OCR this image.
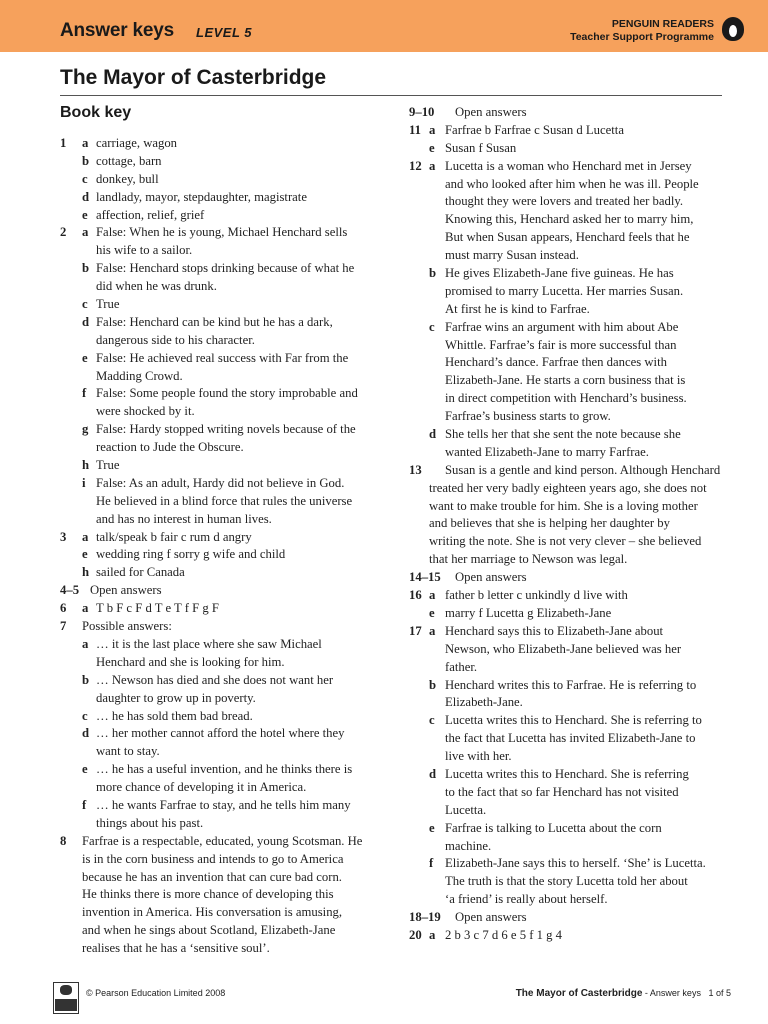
Answer keys LEVEL 5
PENGUIN READERS
Teacher Support Programme
The Mayor of Casterbridge
Book key
1 a carriage, wagon
b cottage, barn
c donkey, bull
d landlady, mayor, stepdaughter, magistrate
e affection, relief, grief
2 a False: When he is young, Michael Henchard sells
his wife to a sailor.
b False: Henchard stops drinking because of what he
did when he was drunk.
c True
d False: Henchard can be kind but he has a dark,
dangerous side to his character.
e False: He achieved real success with Far from the
Madding Crowd.
f False: Some people found the story improbable and
were shocked by it.
g False: Hardy stopped writing novels because of the
reaction to Jude the Obscure.
h True
i False: As an adult, Hardy did not believe in God.
He believed in a blind force that rules the universe
and has no interest in human lives.
3 a talk/speak b fair c rum d angry
e wedding ring f sorry g wife and child
h sailed for Canada
4–5 Open answers
6 a T b F c F d T e T f F g F
7 Possible answers:
a … it is the last place where she saw Michael
Henchard and she is looking for him.
b … Newson has died and she does not want her
daughter to grow up in poverty.
c … he has sold them bad bread.
d … her mother cannot afford the hotel where they
want to stay.
e … he has a useful invention, and he thinks there is
more chance of developing it in America.
f … he wants Farfrae to stay, and he tells him many
things about his past.
8 Farfrae is a respectable, educated, young Scotsman. He
is in the corn business and intends to go to America
because he has an invention that can cure bad corn.
He thinks there is more chance of developing this
invention in America. His conversation is amusing,
and when he sings about Scotland, Elizabeth-Jane
realises that he has a ‘sensitive soul’.
9–10 Open answers
11 a Farfrae b Farfrae c Susan d Lucetta
e Susan f Susan
12 a Lucetta is a woman who Henchard met in Jersey
and who looked after him when he was ill. People
thought they were lovers and treated her badly.
Knowing this, Henchard asked her to marry him,
But when Susan appears, Henchard feels that he
must marry Susan instead.
b He gives Elizabeth-Jane five guineas. He has
promised to marry Lucetta. Her marries Susan.
At first he is kind to Farfrae.
c Farfrae wins an argument with him about Abe
Whittle. Farfrae’s fair is more successful than
Henchard’s dance. Farfrae then dances with
Elizabeth-Jane. He starts a corn business that is
in direct competition with Henchard’s business.
Farfrae’s business starts to grow.
d She tells her that she sent the note because she
wanted Elizabeth-Jane to marry Farfrae.
13 Susan is a gentle and kind person. Although Henchard
treated her very badly eighteen years ago, she does not
want to make trouble for him. She is a loving mother
and believes that she is helping her daughter by
writing the note. She is not very clever – she believed
that her marriage to Newson was legal.
14–15 Open answers
16 a father b letter c unkindly d live with
e marry f Lucetta g Elizabeth-Jane
17 a Henchard says this to Elizabeth-Jane about
Newson, who Elizabeth-Jane believed was her
father.
b Henchard writes this to Farfrae. He is referring to
Elizabeth-Jane.
c Lucetta writes this to Henchard. She is referring to
the fact that Lucetta has invited Elizabeth-Jane to
live with her.
d Lucetta writes this to Henchard. She is referring
to the fact that so far Henchard has not visited
Lucetta.
e Farfrae is talking to Lucetta about the corn
machine.
f Elizabeth-Jane says this to herself. ‘She’ is Lucetta.
The truth is that the story Lucetta told her about
‘a friend’ is really about herself.
18–19 Open answers
20 a 2 b 3 c 7 d 6 e 5 f 1 g 4
© Pearson Education Limited 2008	The Mayor of Casterbridge - Answer keys 1 of 5
